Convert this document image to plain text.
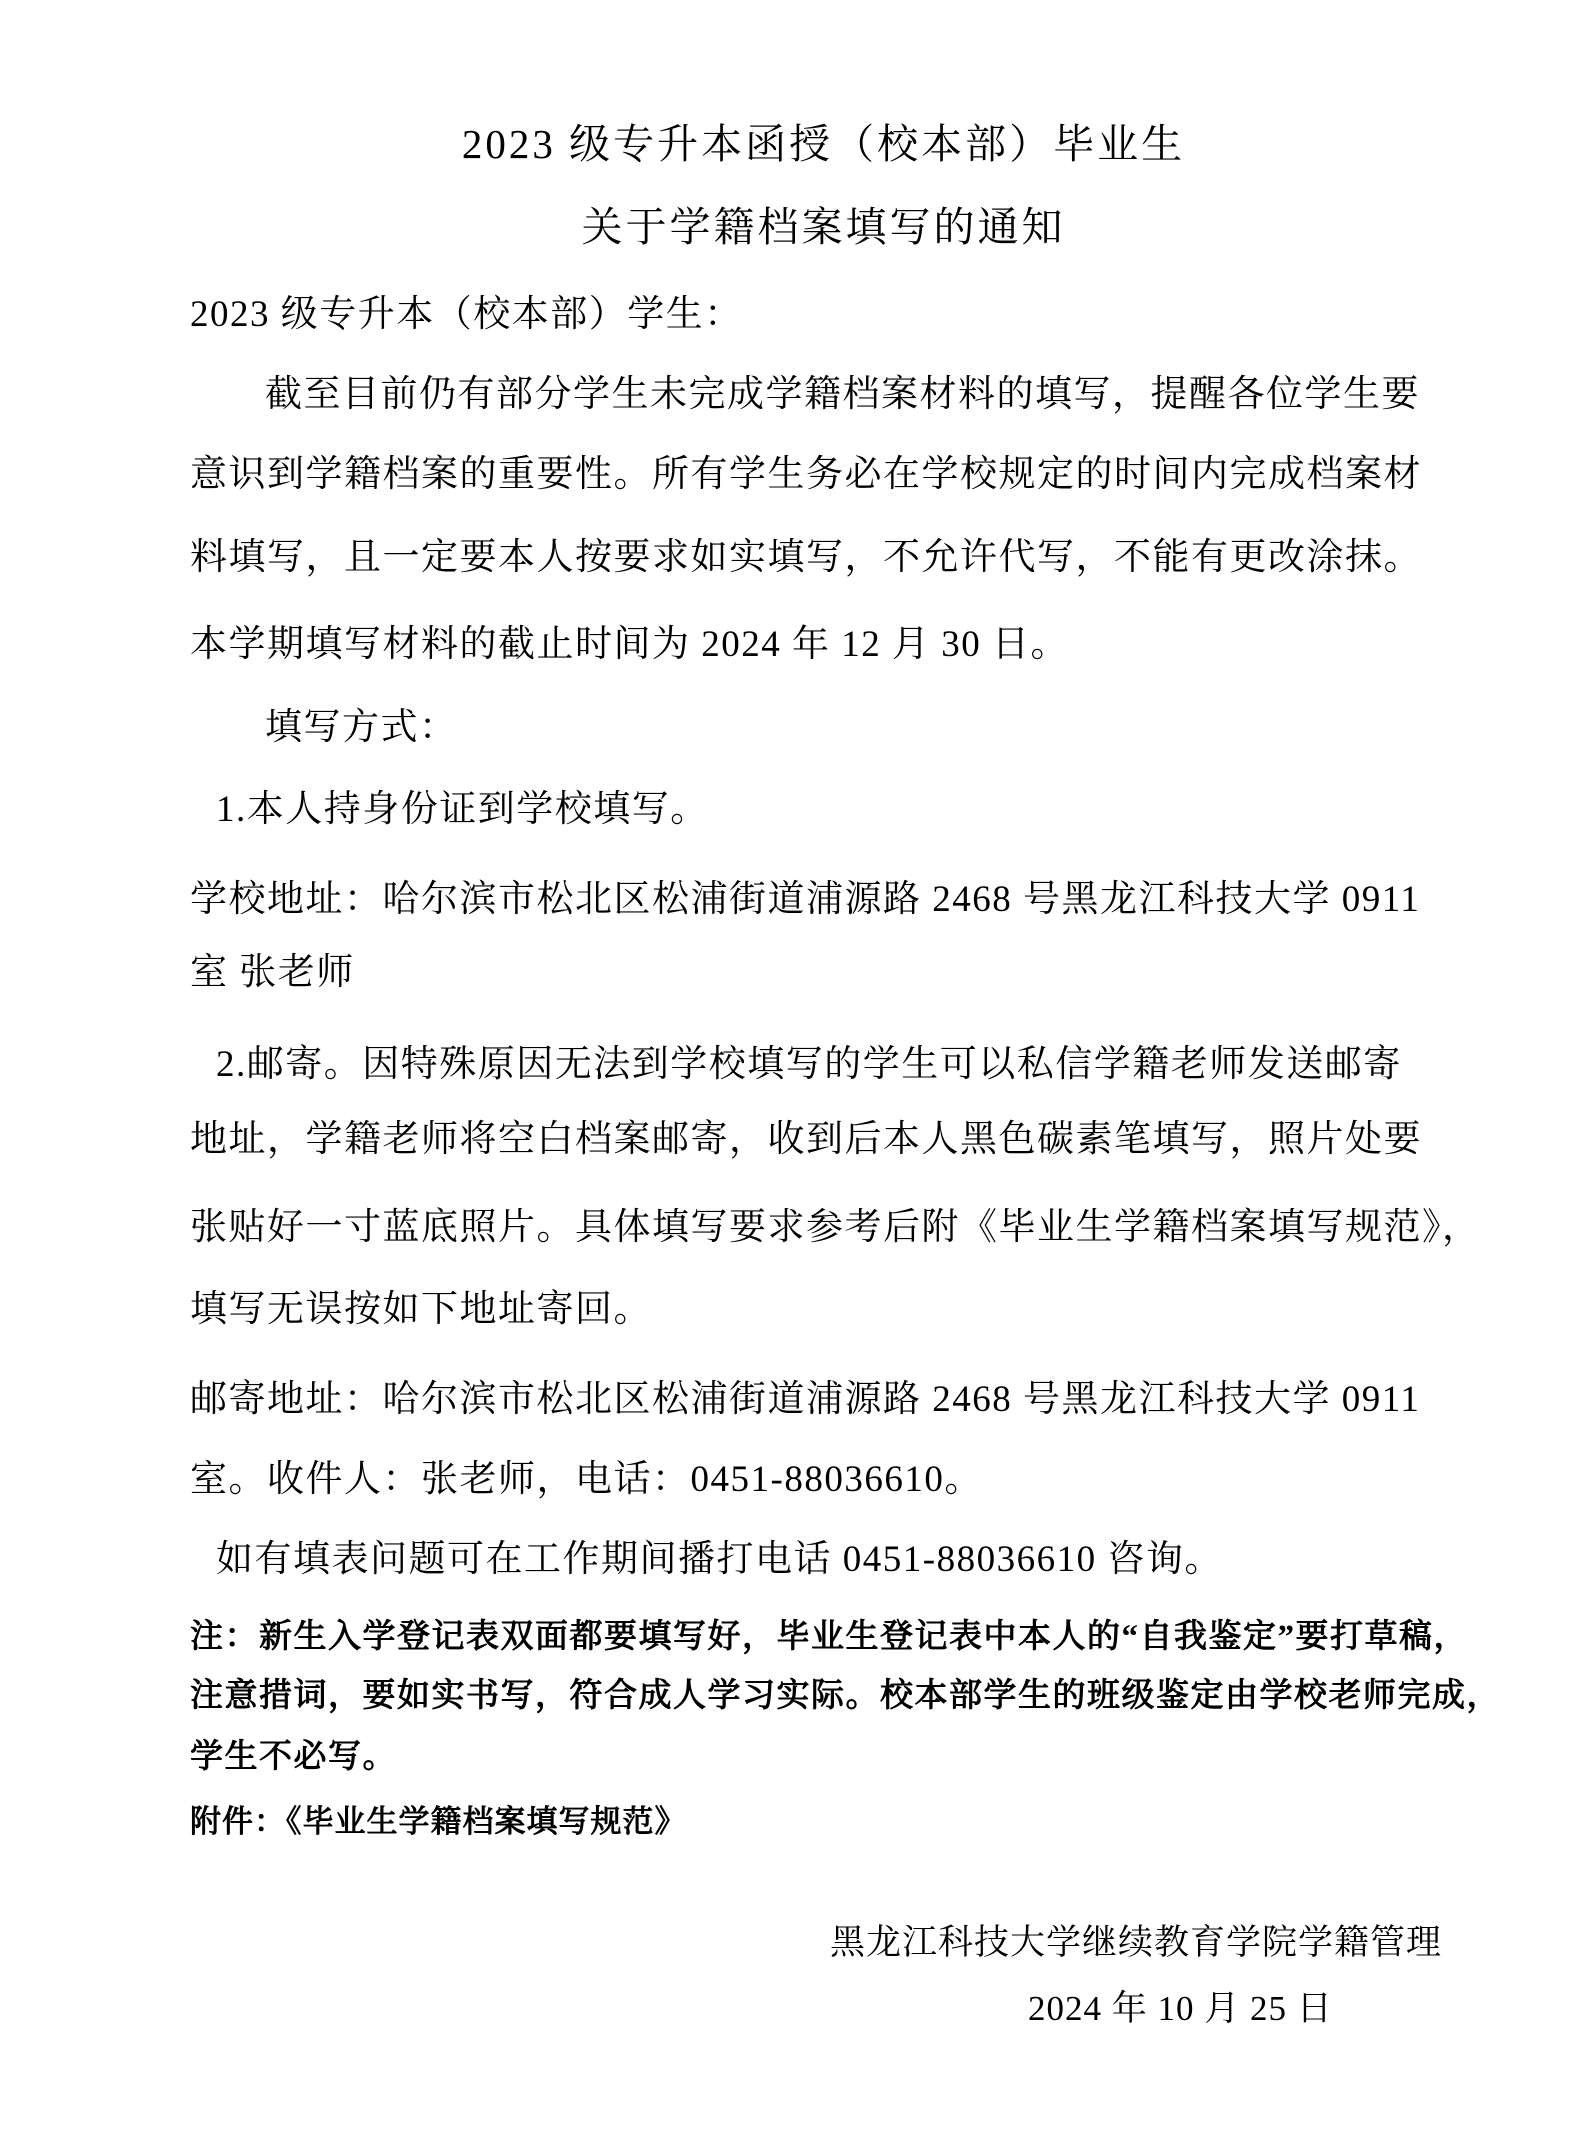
2023 级专升本函授（校本部）毕业生
关于学籍档案填写的通知
2023 级专升本（校本部）学生：
截至目前仍有部分学生未完成学籍档案材料的填写，提醒各位学生要
意识到学籍档案的重要性。所有学生务必在学校规定的时间内完成档案材
料填写，且一定要本人按要求如实填写，不允许代写，不能有更改涂抹。
本学期填写材料的截止时间为 2024 年 12 月 30 日。
填写方式：
1.本人持身份证到学校填写。
学校地址：哈尔滨市松北区松浦街道浦源路 2468 号黑龙江科技大学 0911
室 张老师
2.邮寄。因特殊原因无法到学校填写的学生可以私信学籍老师发送邮寄
地址，学籍老师将空白档案邮寄，收到后本人黑色碳素笔填写，照片处要
张贴好一寸蓝底照片。具体填写要求参考后附《毕业生学籍档案填写规范》，
填写无误按如下地址寄回。
邮寄地址：哈尔滨市松北区松浦街道浦源路 2468 号黑龙江科技大学 0911
室。收件人：张老师，电话：0451-88036610。
如有填表问题可在工作期间播打电话 0451-88036610 咨询。
注：新生入学登记表双面都要填写好，毕业生登记表中本人的“自我鉴定”要打草稿，
注意措词，要如实书写，符合成人学习实际。校本部学生的班级鉴定由学校老师完成，
学生不必写。
附件：《毕业生学籍档案填写规范》
黑龙江科技大学继续教育学院学籍管理
2024 年 10 月 25 日
